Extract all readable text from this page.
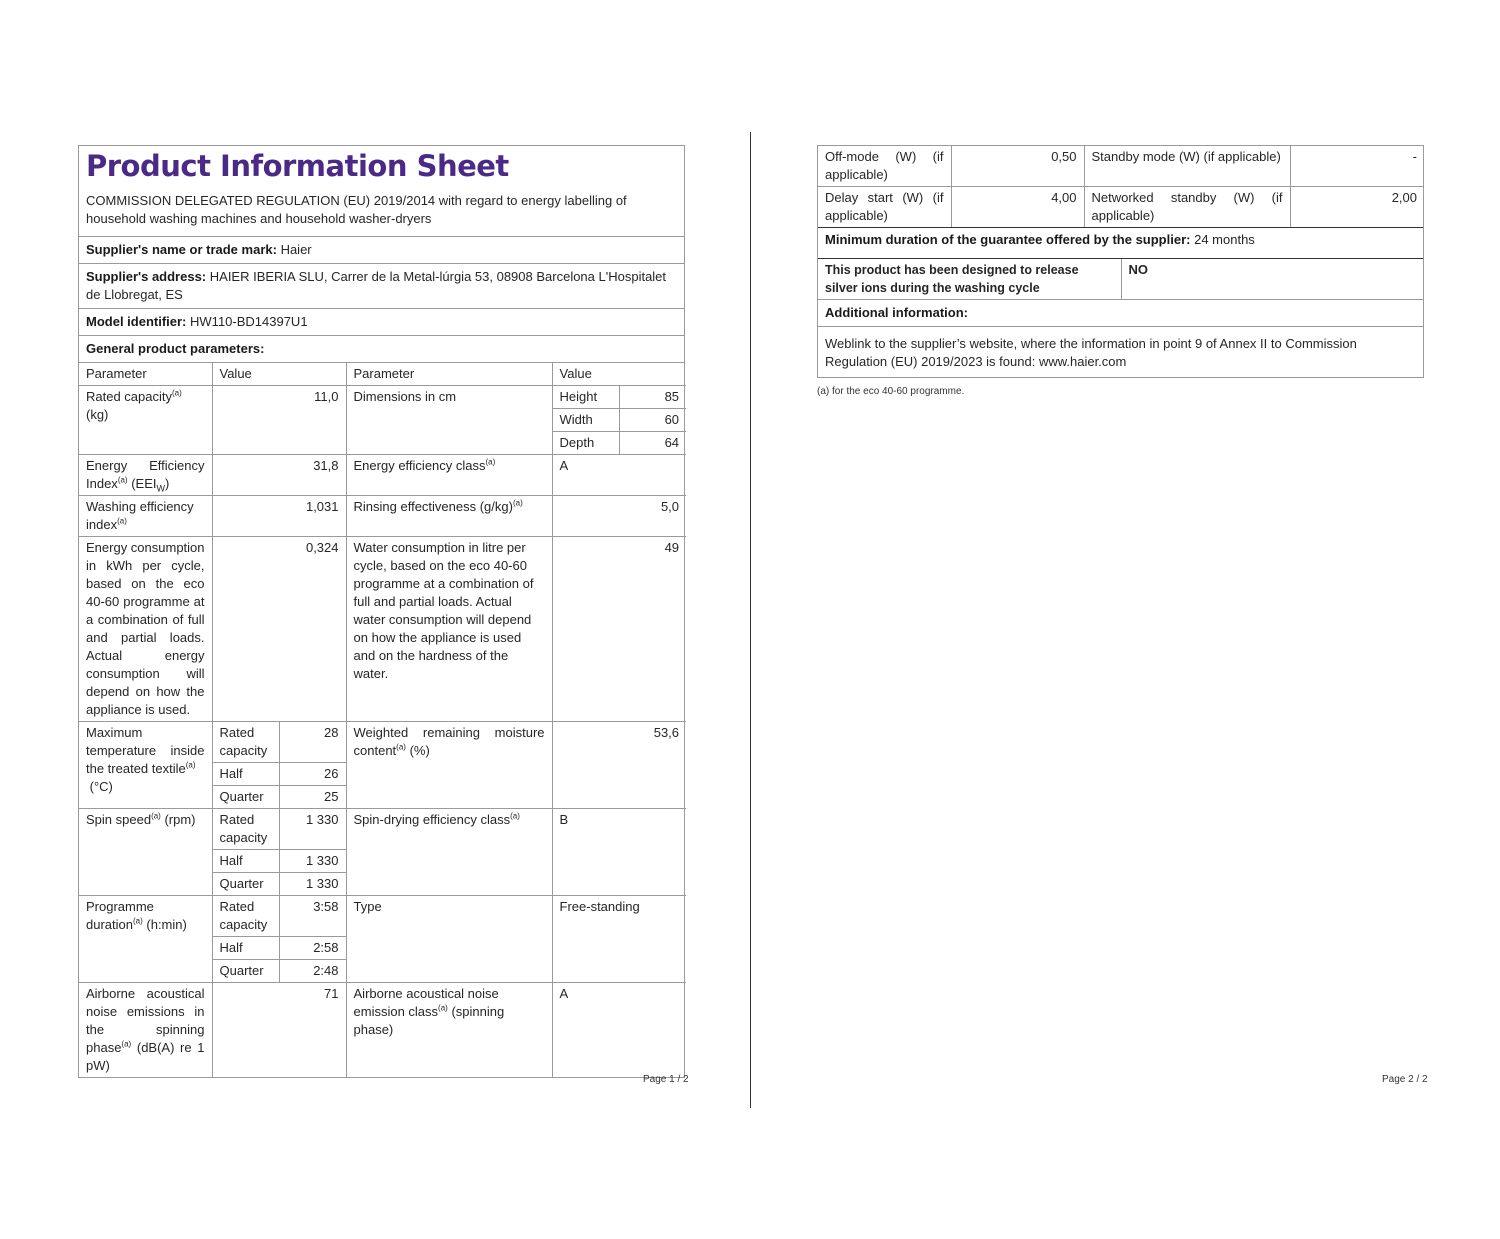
Product Information Sheet
COMMISSION DELEGATED REGULATION (EU) 2019/2014 with regard to energy labelling of household washing machines and household washer-dryers
Supplier's name or trade mark: Haier
Supplier's address: HAIER IBERIA SLU, Carrer de la Metal-lúrgia 53, 08908 Barcelona L'Hospitalet de Llobregat, ES
Model identifier: HW110-BD14397U1
General product parameters:
Parameter	Value		Parameter	Value	
Rated capacity$^{(a)}$
(kg)	11,0		Dimensions in cm	Height	85
				Width	60
				Depth	64
Energy Efficiency Index$^{(a)}$ $(EEI_W)$	31,8		Energy efficiency class$^{(a)}$	A	
Washing efficiency
index$^{(a)}$	1,031		Rinsing effectiveness $(g/kg)^{(a)}$	5,0	
Energy consumption in kWh per cycle, based on the eco 40-60 programme at a combination of full and partial loads. Actual energy consumption will depend on how the appliance is used.	0,324		Water consumption in litre per cycle, based on the eco 40-60 programme at a combination of full and partial loads. Actual water consumption will depend on how the appliance is used and on the hardness of the water.	49	
Maximum temperature inside the treated textile$^{(a)}$
(°C)	Rated capacity	28	Weighted remaining moisture content$^{(a)}$ (%)	53,6	
	Half	26			
	Quarter	25			
Spin speed$^{(a)}$ (rpm)	Rated capacity	1 330	Spin-drying efficiency class$^{(a)}$	B	
	Half	1 330			
	Quarter	1 330			
Programme duration$^{(a)}$ (h:min)	Rated capacity	3:58	Type	Free-standing	
	Half	2:58			
	Quarter	2:48			
Airborne acoustical noise emissions in the spinning phase$^{(a)}$ (dB(A) re 1 pW)	71		Airborne acoustical noise emission class$^{(a)}$ (spinning phase)	A	
Page 1 / 2
Off-mode (W) (if applicable)	0,50	Standby mode (W) (if applicable)	-
Delay start (W) (if applicable)	4,00	Networked standby (W) (if applicable)	2,00
Minimum duration of the guarantee offered by the supplier: 24 months
This product has been designed to release silver ions during the washing cycle	NO
Additional information:
Weblink to the supplier’s website, where the information in point 9 of Annex II to Commission Regulation (EU) 2019/2023 is found: www.haier.com
(a) for the eco 40-60 programme.
Page 2 / 2
